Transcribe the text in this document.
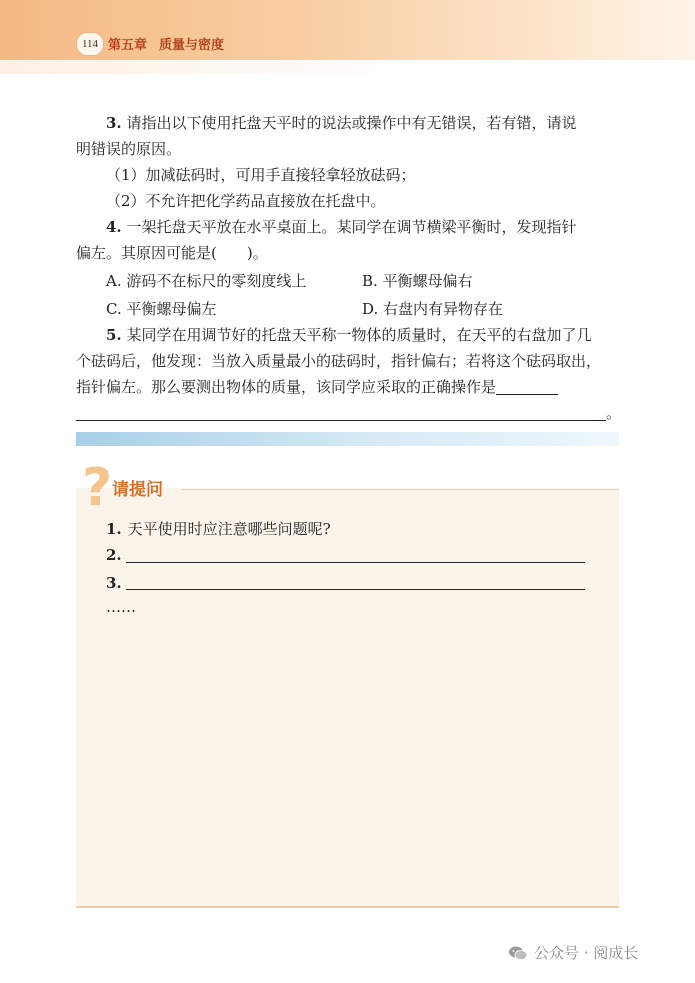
114 第五章 质量与密度
3. 请指出以下使用托盘天平时的说法或操作中有无错误，若有错，请说
明错误的原因。
（1）加减砝码时，可用手直接轻拿轻放砝码；
（2）不允许把化学药品直接放在托盘中。
4. 一架托盘天平放在水平桌面上。某同学在调节横梁平衡时，发现指针
偏左。其原因可能是(　　)。
A. 游码不在标尺的零刻度线上	B. 平衡螺母偏右
C. 平衡螺母偏左	D. 右盘内有异物存在
5. 某同学在用调节好的托盘天平称一物体的质量时，在天平的右盘加了几
个砝码后，他发现：当放入质量最小的砝码时，指针偏右；若将这个砝码取出，
指针偏左。那么要测出物体的质量，该同学应采取的正确操作是
。
? 请提问
1. 天平使用时应注意哪些问题呢?
2.
3.
……
公众号 · 阅成长
